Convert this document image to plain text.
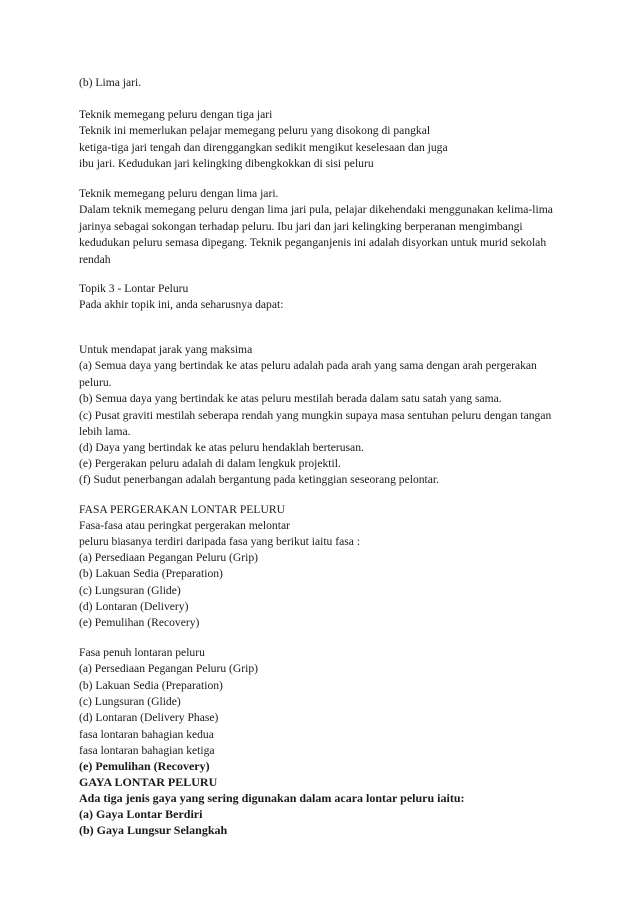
(b) Lima jari.
Teknik memegang peluru dengan tiga jari
Teknik ini memerlukan pelajar memegang peluru yang disokong di pangkal
ketiga-tiga jari tengah dan direnggangkan sedikit mengikut keselesaan dan juga
ibu jari. Kedudukan jari kelingking dibengkokkan di sisi peluru
Teknik memegang peluru dengan lima jari.
Dalam teknik memegang peluru dengan lima jari pula, pelajar dikehendaki menggunakan kelima-lima
jarinya sebagai sokongan terhadap peluru. Ibu jari dan jari kelingking berperanan mengimbangi
kedudukan peluru semasa dipegang. Teknik peganganjenis ini adalah disyorkan untuk murid sekolah
rendah
Topik 3 - Lontar Peluru
Pada akhir topik ini, anda seharusnya dapat:
Untuk mendapat jarak yang maksima
(a) Semua daya yang bertindak ke atas peluru adalah pada arah yang sama dengan arah pergerakan
peluru.
(b) Semua daya yang bertindak ke atas peluru mestilah berada dalam satu satah yang sama.
(c) Pusat graviti mestilah seberapa rendah yang mungkin supaya masa sentuhan peluru dengan tangan
lebih lama.
(d) Daya yang bertindak ke atas peluru hendaklah berterusan.
(e) Pergerakan peluru adalah di dalam lengkuk projektil.
(f) Sudut penerbangan adalah bergantung pada ketinggian seseorang pelontar.
FASA PERGERAKAN LONTAR PELURU
Fasa-fasa atau peringkat pergerakan melontar
peluru biasanya terdiri daripada fasa yang berikut iaitu fasa :
(a) Persediaan Pegangan Peluru (Grip)
(b) Lakuan Sedia (Preparation)
(c) Lungsuran (Glide)
(d) Lontaran (Delivery)
(e) Pemulihan (Recovery)
Fasa penuh lontaran peluru
(a) Persediaan Pegangan Peluru (Grip)
(b) Lakuan Sedia (Preparation)
(c) Lungsuran (Glide)
(d) Lontaran (Delivery Phase)
fasa lontaran bahagian kedua
fasa lontaran bahagian ketiga
(e) Pemulihan (Recovery)
GAYA LONTAR PELURU
Ada tiga jenis gaya yang sering digunakan dalam acara lontar peluru iaitu:
(a) Gaya Lontar Berdiri
(b) Gaya Lungsur Selangkah
